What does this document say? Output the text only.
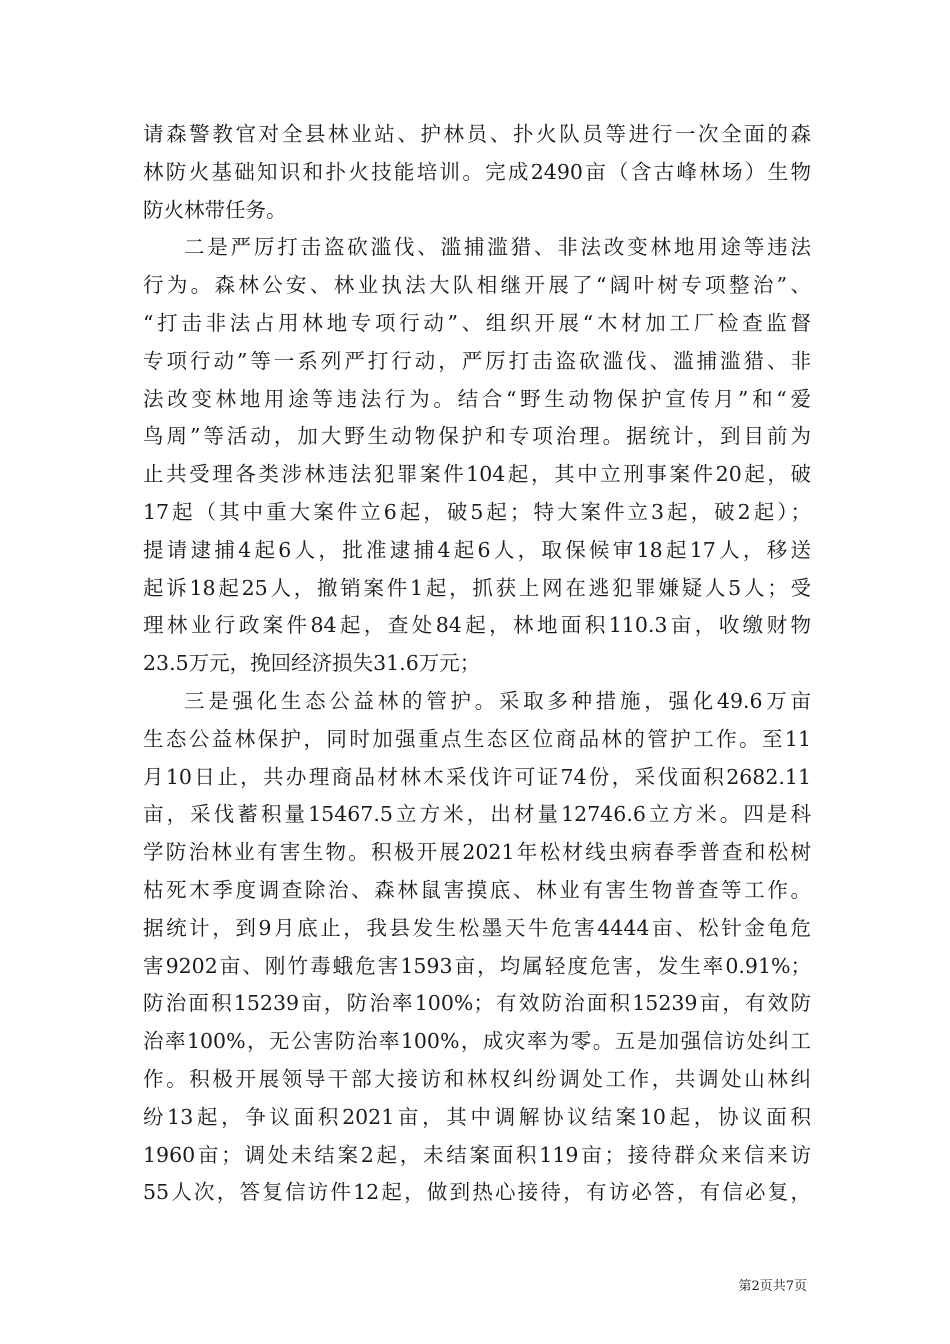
请森警教官对全县林业站、护林员、扑火队员等进行一次全面的森
林防火基础知识和扑火技能培训。完成2490亩（含古峰林场）生物
防火林带任务。
二是严厉打击盗砍滥伐、滥捕滥猎、非法改变林地用途等违法
行为。森林公安、林业执法大队相继开展了“阔叶树专项整治”、
“打击非法占用林地专项行动”、组织开展“木材加工厂检查监督
专项行动”等一系列严打行动，严厉打击盗砍滥伐、滥捕滥猎、非
法改变林地用途等违法行为。结合“野生动物保护宣传月”和“爱
鸟周”等活动，加大野生动物保护和专项治理。据统计，到目前为
止共受理各类涉林违法犯罪案件104起，其中立刑事案件20起，破
17起（其中重大案件立6起，破5起；特大案件立3起，破2起）；
提请逮捕4起6人，批准逮捕4起6人，取保候审18起17人，移送
起诉18起25人，撤销案件1起，抓获上网在逃犯罪嫌疑人5人；受
理林业行政案件84起，查处84起，林地面积110.3亩，收缴财物
23.5万元，挽回经济损失31.6万元；
三是强化生态公益林的管护。采取多种措施，强化49.6万亩
生态公益林保护，同时加强重点生态区位商品林的管护工作。至11
月10日止，共办理商品材林木采伐许可证74份，采伐面积2682.11
亩，采伐蓄积量15467.5立方米，出材量12746.6立方米。四是科
学防治林业有害生物。积极开展2021年松材线虫病春季普查和松树
枯死木季度调查除治、森林鼠害摸底、林业有害生物普查等工作。
据统计，到9月底止，我县发生松墨天牛危害4444亩、松针金龟危
害9202亩、刚竹毒蛾危害1593亩，均属轻度危害，发生率0.91%；
防治面积15239亩，防治率100%；有效防治面积15239亩，有效防
治率100%，无公害防治率100%，成灾率为零。五是加强信访处纠工
作。积极开展领导干部大接访和林权纠纷调处工作，共调处山林纠
纷13起，争议面积2021亩，其中调解协议结案10起，协议面积
1960亩；调处未结案2起，未结案面积119亩；接待群众来信来访
55人次，答复信访件12起，做到热心接待，有访必答，有信必复，
第2页共7页
